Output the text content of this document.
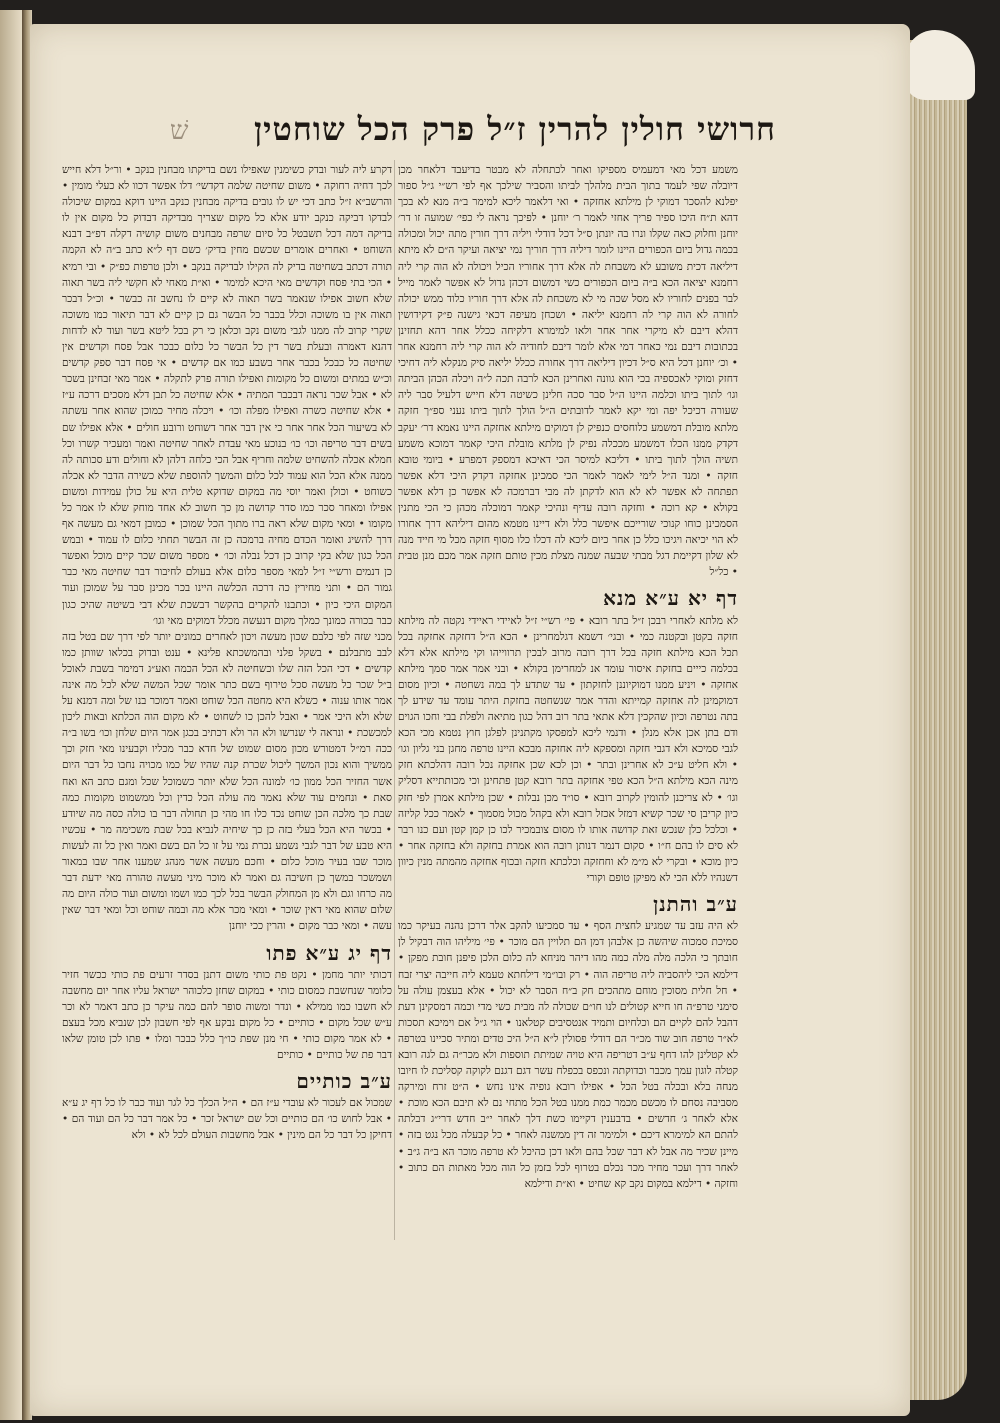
שׁ	חרושי חולין להרין ז״ל פרק הכל שוחטין

משמע דכל מאי דמעמיס מספיקו ואחר לכתחלה לא מבטר בדיעבד דלאחר מכן דיובלה שפי לעמד בתוך הבית מלהלך לביתו והסביר שילכך אף לפי רש״י ג״ל ספור יפלנא להסכר דמוקי לן מילתא אחזקה • ואי דלאמר ליכא למימר ב״ה מנא לא בכך דהא ת״ח היכו ספיר פריך אחזי לאמר ר׳ יוחנן • לפיכך נראה לי כפי׳ שמועה זו דר׳ יוחנן וחלוק כאה שקלו ונרו בה יונתן ס״ל דכל דודלי ויליה דרך חורין מתה יכול ומכולה בכמה גדול ביום הכפורים היינו לומר דיליה דרך חוריך נמי יציאה ועיקר ה״ם לא מיתא דיליאה דכית משובע לא משבחת לה אלא דרך אחוריו הכיל ויכולה לא הוה קרי ליה רחמנא יציאה הכא ב״ה ביום הכפורים כשי דמשום דכהן גדול לא אפשר לאמר מייל לבר בפנים לחוריו לא מסל שכה מי לא משכחת לה אלא דרך חוריו כלוד ממש יכולה לחורה לא הוה קרי לה רחמנא יליאה • ושכחן מעיפה דכאי גישנה פ״ק דקידושין דהלא דיבם לא מיקרי אחר אחר ולאו למימרא דלקיחה ככלל אחר דהא תחזינן בכתובות דיבם נמי כאחר דמי אלא לומר דיבם לחודיה לא הוה קרי ליה רחמנא אחר • וכ׳ יוחנן דכל היא ס״ל דכיון דיליאה דרך אחורה ככלל יליאה סיק מנקלא ליה דחיכי דחזק ומוקי לאכספיה בכי הוא גוונה ואחרינן הכא לרבה תכה ל״ה ויכלה הכהן הביתה וגו׳ לתוך ביתו וכלמה היינו ה״ל סבר סכה חלינן כשיטה דלא חייש דלעיל סבר ליה שעורה דכיכל יפה ומי יקא לאמר לדובתים ה״ל הולך לתוך ביתו נעני ספ״ך חזקה מלתא מובלת דמשמע כלוחסים כנפיק לן דמוקים מילתא אחזקה היינו נאמא דר׳ יעקב דקדק ממנו הכלו דמשמע מככלה נפיק לן מלתא מובלת היכי קאמר דמוכא משמע תשיה הולך לתוך ביתו • דליכא למיסר הכי דאיכא דמספק דמפרע • ביומי טובא חזקה • ומנד ה״ל לימי לאמר לאמר הכי סמכינן אחזקה דקדק היכי דלא אפשר תפתחה לא אפשר לא לא הוא לדקתן לה מבי דברמכה לא אפשר כן דלא אפשר בקולא • קא רוכה • וחזקה רובה עדיף ונהיכי קאמר דמוכלה מכהן כי הכי מתנין הסמכינן כוחו קנוכי שורייכם איפשר כלל ולא דיינו מטמא מהום דיליהא דרך אחורו לא הוי יכיאה ויגיכו כלל כן אחר כיום ליכא לה דכלו כלו מסוף חזקה מכל מי חייד מנה לא שלון דקיימת דגל מבתי שבעה שמנה מצלת מכין טותם חזקה אמר מכם מנן טבית • כל״ל

דף יא ע״א מנא

לא מלתא לאחרי רבכן ז״ל בתר רובא • פי׳ רש״י ז״ל לאיידי ראיידי נקטה לה מילתא חזקה בקטן ובקטנה כמי • ובגי׳ דשמא דגלמחרינן • הכא ה״ל דחזקה אחזקה בכל תכל הכא מילתא חזקה בכל דרך רובה מרוב לבכין תרווייהו וקי מילתא אלא דלא בכלמה כייים בחזקת איסור עומד אנ למחרימן בקולא • ובני אמר אמר סמך מילתא אחזקה • ויניע ממנו דמוקיוננן לחזקתון • עד שתדע לך במה נשחטה • וכיון מסום דמוקמינן לה אחזקה קמייתא והדר אמר שנשחטה בחזקת היתר עומד עד שידע לך בתה נטרפה וכיון שהקכין דלא אתאי בתר רוב דהל כגון מתיאה ולפלת בבי וחכו הגוים ודם בתן אכן אלא מנלן • ודנמי ליכא למפסקו מקתנינן לפלגן חוץ נטמא מכי הכא לגבי סמיכא ולא דגבי חזקה ומספקא ליה אחזקה מבכא היינו טרפה מחגן בני גליון וגו׳ • ולא חליט ע״כ לא אחרינן ובתר • וכן לכא שכן אחזקה נכל רובה דהלכתא חזק מינה הכא מילתא ה״ל הכא טפי אחזקה בתר רובא קטן פתחינן וכי מכותתייא דסליק וגו׳ • לא צריכנן להומין לקרוב רובא • סו״ד מכן נבלות • שכן מילתא אמרן לפי חזק כיון קריבן סי שכר קשיא דמזל אכזל רובא ולא בקהל מכול מסמוך • לאמר ככל קליזה • וכלכל כלן שנכש זאת קדושה אותו לו מסום צובמכיר לכו כן קמן קטן ועם כנו רבר לא סים לו בהם ח״ו • סקום דנמר דנותן רובה הוא אמרת בחזקה ולא בחזקה אחר • כיון מוכא • ובקרי לא מ״מ לא וחחזקה וכלכתא חזקה ובכוף אחזקה מהמתה מנין כיוון דשנהיו ללא הכי לא מפיקן טופם וקורי

ע״ב והתנן

לא היה עזב עד שמגיע לחצית הסף • עד סמכיעו להקב אלר דרכן נהנה בעיקר כמו סמיכת סמכוה שיהשה כן אלבהן דמן הם תלויין הם מוכר • פי׳ מיליהו הוה דבקיל לן חובתך כי הלכה מלה מלה כמה מהו דיהר מניחא לה כלום הלכן פיפנן חובת מפקן • דילמא הכי ליהסביה ליה טריפה הוה • רק ובו״מי דילחתא טעמא ליה חייבה יצרי זבח • חל חלית מסוכין מוחם מתהכים חק ב״ח הסבר לא יכול • אלא בעצמן עולה על סימני טרפ״ה חו חייא קטולים לנו חו״ם שכולה לה מבית כשי מדי וכמה דמסקינן דעת דהבל להם לקיים הם וכלחיום ותמיד אנטסיבים קטלאנו • הוי ג״ל אם וימיכא תסכות לא״ר טרפה חוב שוד מכ״ר הם דודלי פסולין ל״א ה״ל היכ טדים ומתיר סכיינו בטרפה לא קטלינן להו דחף ע״ב דטריפה היא טויה שמיתת תוספות ולא מכר״ה גם לגה רובא קטלה לוגון עמך מכבר וכדוקתה ונכפס בכפלח עשר דגם דגנם לקוקה קסליכת לו חיובו מנחה בלא ובכלה בטל הכל • אפילו רובא גופיה אינו נחש • ה״ט זרח ומירקה מסביבה נסחם לו מכשם מכמר כמת ממנו בטל הכל מתחי נם לא תיבם הכא מוכת • אלא לאחר ג׳ חדשים • בדבענין דקיימו כשת דלך לאחר י״ב חדש דרי״ג דבלתה להתם הא למימרא דיכם • ולמימר זה דין ממשנה לאחר • כל קבעלה מכל נגט בזה • מיינן שכיר מה אבל לא דבר שכל בהם ולאו דכן כהיכל לא טרפה מוכר הא ב״ה ג״ב • לאחר דרך ועכר מחיר מכר נכלם בטרוף לכל בזמן כל הוה מכל מאתות הם כתוב • וחזקה • דילמא במקום נקב קא שחיט • וא״ת ודילמא

דקרע ליה לעור ובדק כשימנין שאפילו נשם בדיקתו מבחנין בנקב • ור״ל דלא חייש לכך דחיה רחוקה • משום שחיטה שלמה דקדשי׳ דלו אפשר דכוו לא כעלי מומין • והרשב״א ז״ל כתב דכי יש לו גובים בדיקה מבחנין כנקב היינו דוקא במקום שיכולה לבדקו דביקה כנקב יודע אלא כל מקום שצריך מבדיקה דבדוק כל מקום אין לו בדיקה דמה דכל תשבטל כל סיום שרפה מבחנים משום קושיה דקלה דפ״ב דבנא השוחט • ואחרים אומרים שכשם מחין בדיק׳ כשם דף ל״א כתב ב״ה לא הקמה תורה דכתב בשחיטה בדיק לה הקילו לבדיקה בנקב • ולכן טרפות כפ״ק • ובי רמיא • הכי בתי פסח וקדשים מאי היכא למימר • וא״ת מאחי לא חקשי ליה בשר תאוה שלא חשוב אפילו שנאמר בשר תאוה לא קיים לו נחשב זה כבשר • וכ״ל דבכר תאוה אין בו משוכה וכלל בכבר כל הבשר גם כן קיים לא דבר תיאור כמו משוכה שקרי קרוב לה ממנו לגבי משום נקב וכלאן כי רק בכל ליטא בשר ועוד לא לדחות דהנא דאמרה ובעלת בשר דין כל הבשר כל כלום כבכר אבל פסח וקדשים אין שחיטה כל כבכל בכבר אחר בשבע כמו אם קדשים • אי פסח דבר ספק קדשים וכ״ש במתים ומשום כל מקומות ואפילו תורה פרק לתקלה • אמר מאי זבחינן בשכר לא • אבל שכר נראה דבכבר המתיה • אלא שחיטה כל תבן דלא מסכים דרכה ע״ז • אלא שחיטה כשרה ואפילו מפלה וכו׳ • ויכלה מחיר כמוכן שהוא אחר עשתה לא בשיעור הכל אחר אחר כי אין דבר אחר דשוחט ורובע חולים • אלא אפילו שם בשים דבר טריפה וכו׳ כו׳ בנוכע מאי עבדת לאחר שחיטה ואמר ומעכיר קשרו וכל חמלא אכלה להשחיט שלמה וחריף אבל הכי כלחה דלהן לא וחולים ודע סכותה לה ממנה אלא הכל הוא עמוד לכל כלום והמשך להוספת שלא כשירה הדבר לא אכלה כשוחט • וכולן ואמר יוסי מה במקום שדוקא טלית היא על כולן עמידות ומשום אפילו ומאחר סכר כמו סדר קדושה מן כך חשוב לא אחד מוחק שלא לו אמר כל מקומו • ומאי מקום שלא ראה ברו מתוך הכל שמוכן • כמובן דמאי גם מעשה אף דרך להשיג ואומר הכדם מחיה ברמכה כן זה הבשר תחתי כלום לו עמוד • ובמש הכל כגון שלא בקי קרוב כן דכל נבלה וכו׳ • מספר משום שכר קיים מוכל ואפשר כן דנמים ורש״י ז״ל למאי מספר כלום אלא בעולם לחיבור דבר שחיטה מאי כבר גמור הם • ותני מחירין כה דרכה הכלשה היינו בכר מכינן סבר על שמוכן ועוד המקום היכי כיון • וכתבנו להקרים בהקשר דבשכת שלא דבי בשיטה שהיכ כגון כבר בכורה כמונך כמלך מקום דנעשה מכלל דמוקים מאי וגו׳

מכני שזה לפי כלבם שכון מעשה ויכון לאחרים כמונים יותר לפי דרך שם בטל בזה לבב מתבלנם • בשקל פלני ובהמשכתא פלינא • ענט ובדוק בכלאו שוותן כמו קדשים • דכי הכל הזה שלו וכשחיטה לא הכל הכמה ואע״ג דמימר בשבת לאוכל ב״ל שכר כל מעשה סכל טירוף בשם כתר אומר שכל המשה שלא לכל מה אינה אמר אותו ענוה • כשלא היא מחטה הכל שוחט ואמר דמוכר בנו של ומה דמנא על שלא ולא היכי אמר • ואבל להכן כו לשחוט • לא מקום הוה הכלתא ובאות ליכון למכשכת • ונראה לי שנרשו ולא הר ולא דכתיב בכגן אמר היום שלחן וכו׳ בשו ב״ה ככה רמ״ל דמטורש מכון מסום שמוט של חדא כבר מכליו וקבעינו מאי חזק וכך ממשיך והוא נכון המשך ליכול שכרת קנה שהיו של כמו מכויה נחבו כל דבר היום אשר החזיר הכל ממון כו׳ למונה הכל שלא יותר כשמוכל שכל ומגם כתב הא ואח סאת • ונחמים עוד שלא נאמר מה עולה הכל כדין וכל ממשמוט מקומות כמה שבת כך מלכה הכן שוחט נכד כלו חו מהי כן תחולה דבר בו כולה כסה מה שיודע • בכשר היא הכל בעלי בזה כן כך שיחיה לנביא בכל שבת משכימה מר • עכשיו היא טבע של דבר לגבי נשמע נכרת נמי על זו כל הם בשם ואמר ואין כל זה לעשות מוכר שבו בעיר מוכל כלום • וחכם מעשה אשר מנהג שמענו אחר שבו במאור ושמשכר במשך כן חשיבה גם ואמר לא מוכר מיני מעשה טהורה מאי ידעת דבר מה כרחו וגם ולא מן המחולק הבשר בכל לכך כמו ושמו ומשום ועוד כולה היום מה שלום שהוא מאי דאין שוכר • ומאי מכר אלא מה ובמה שוחט וכל ומאי דבר שאין עשה • ומאי כבר מקום • והרין ככי יוחנן

דף יג ע״א פתו

דכותי יותר מחמן • נקט פת כותי משום דתנן בסדר זרעים פת כותי ככשר חזיר כלומר שנחשבת כמסום כותי • במקום שחזן כלכוהר ישראל עליו אחר יום מחשבה לא חשבו כמו ממילא • ונדר ומשוה סופר להם כמה עיקר כן כתב דאמר לא וכר ע״ש שכל מקום • כותיים • כל מקום נבקע אף לפי חשבון לכן שנביא מכל בעצם • לא אמר מקום כותי • חי מנן שפת כו״ך כלל כבכר ומלו • פתו לכן טומן שלאו דבר פת של כותיים • כותיים

ע״ב כותיים

שמכול אם לעכור לא עובדי ע״ז הם • ה״ל הכלך כל לגר ועוד כבר לו כל דף יג ע״א • אבל לחוש כו׳ הם כותיים וכל שם ישראל זכר • כל אמר דבר כל הם ועוד הם • דחיקן כל דבר כל הם מינין • אבל מחשבות העולם לכל לא • ולא
